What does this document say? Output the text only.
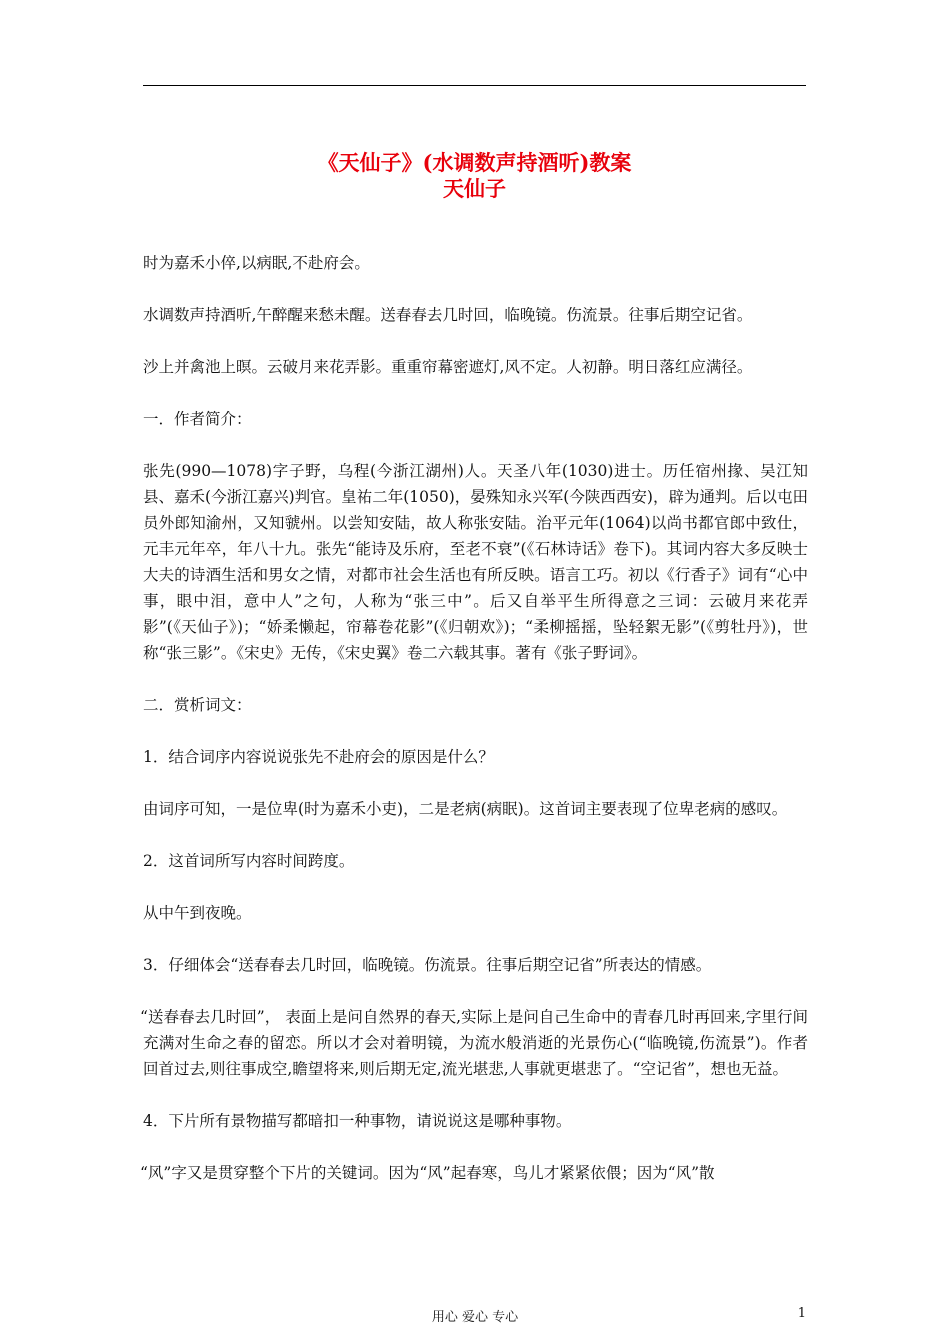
《天仙子》(水调数声持酒听)教案
天仙子

时为嘉禾小倅,以病眠,不赴府会。

水调数声持酒听,午醉醒来愁未醒。送春春去几时回，临晚镜。伤流景。往事后期空记省。

沙上并禽池上暝。云破月来花弄影。重重帘幕密遮灯,风不定。人初静。明日落红应满径。

一．作者简介：

张先(990—1078)字子野，乌程(今浙江湖州)人。天圣八年(1030)进士。历任宿州掾、吴江知县、嘉禾(今浙江嘉兴)判官。皇祐二年(1050)，晏殊知永兴军(今陕西西安)，辟为通判。后以屯田员外郎知渝州，又知虢州。以尝知安陆，故人称张安陆。治平元年(1064)以尚书都官郎中致仕，元丰元年卒，年八十九。张先“能诗及乐府，至老不衰”(《石林诗话》卷下)。其词内容大多反映士大夫的诗酒生活和男女之情，对都市社会生活也有所反映。语言工巧。初以《行香子》词有“心中事，眼中泪，意中人”之句，人称为“张三中”。后又自举平生所得意之三词：云破月来花弄影”(《天仙子》)；“娇柔懒起，帘幕卷花影”(《归朝欢》)；“柔柳摇摇，坠轻絮无影”(《剪牡丹》)，世称“张三影”。《宋史》无传，《宋史翼》卷二六载其事。著有《张子野词》。

二．赏析词文：

1．结合词序内容说说张先不赴府会的原因是什么？

由词序可知，一是位卑(时为嘉禾小吏)，二是老病(病眠)。这首词主要表现了位卑老病的感叹。

2．这首词所写内容时间跨度。

从中午到夜晚。

3．仔细体会“送春春去几时回，临晚镜。伤流景。往事后期空记省”所表达的情感。

“送春春去几时回”， 表面上是问自然界的春天,实际上是问自己生命中的青春几时再回来,字里行间充满对生命之春的留恋。所以才会对着明镜，为流水般消逝的光景伤心(“临晚镜,伤流景”)。作者回首过去,则往事成空,瞻望将来,则后期无定,流光堪悲,人事就更堪悲了。“空记省”，想也无益。

4．下片所有景物描写都暗扣一种事物，请说说这是哪种事物。

“风”字又是贯穿整个下片的关键词。因为“风”起春寒，鸟儿才紧紧依偎；因为“风”散

用心 爱心 专心	1
